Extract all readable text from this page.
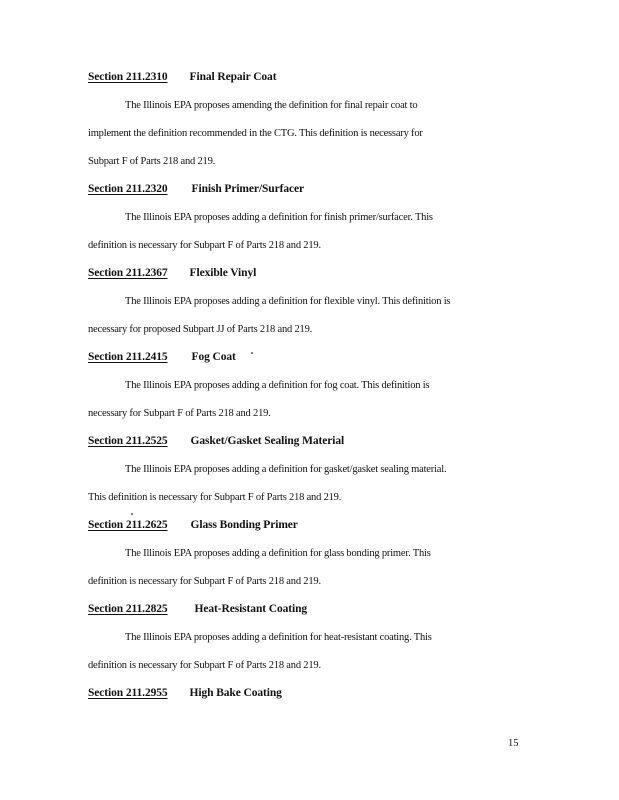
Section 211.2310 Final Repair Coat
The Illinois EPA proposes amending the definition for final repair coat to
implement the definition recommended in the CTG. This definition is necessary for
Subpart F of Parts 218 and 219.
Section 211.2320 Finish Primer/Surfacer
The Illinois EPA proposes adding a definition for finish primer/surfacer. This
definition is necessary for Subpart F of Parts 218 and 219.
Section 211.2367 Flexible Vinyl
The Illinois EPA proposes adding a definition for flexible vinyl. This definition is
necessary for proposed Subpart JJ of Parts 218 and 219.
Section 211.2415 Fog Coat
The Illinois EPA proposes adding a definition for fog coat. This definition is
necessary for Subpart F of Parts 218 and 219.
Section 211.2525 Gasket/Gasket Sealing Material
The Illinois EPA proposes adding a definition for gasket/gasket sealing material.
This definition is necessary for Subpart F of Parts 218 and 219.
Section 211.2625 Glass Bonding Primer
The Illinois EPA proposes adding a definition for glass bonding primer. This
definition is necessary for Subpart F of Parts 218 and 219.
Section 211.2825 Heat-Resistant Coating
The Illinois EPA proposes adding a definition for heat-resistant coating. This
definition is necessary for Subpart F of Parts 218 and 219.
Section 211.2955 High Bake Coating
15
